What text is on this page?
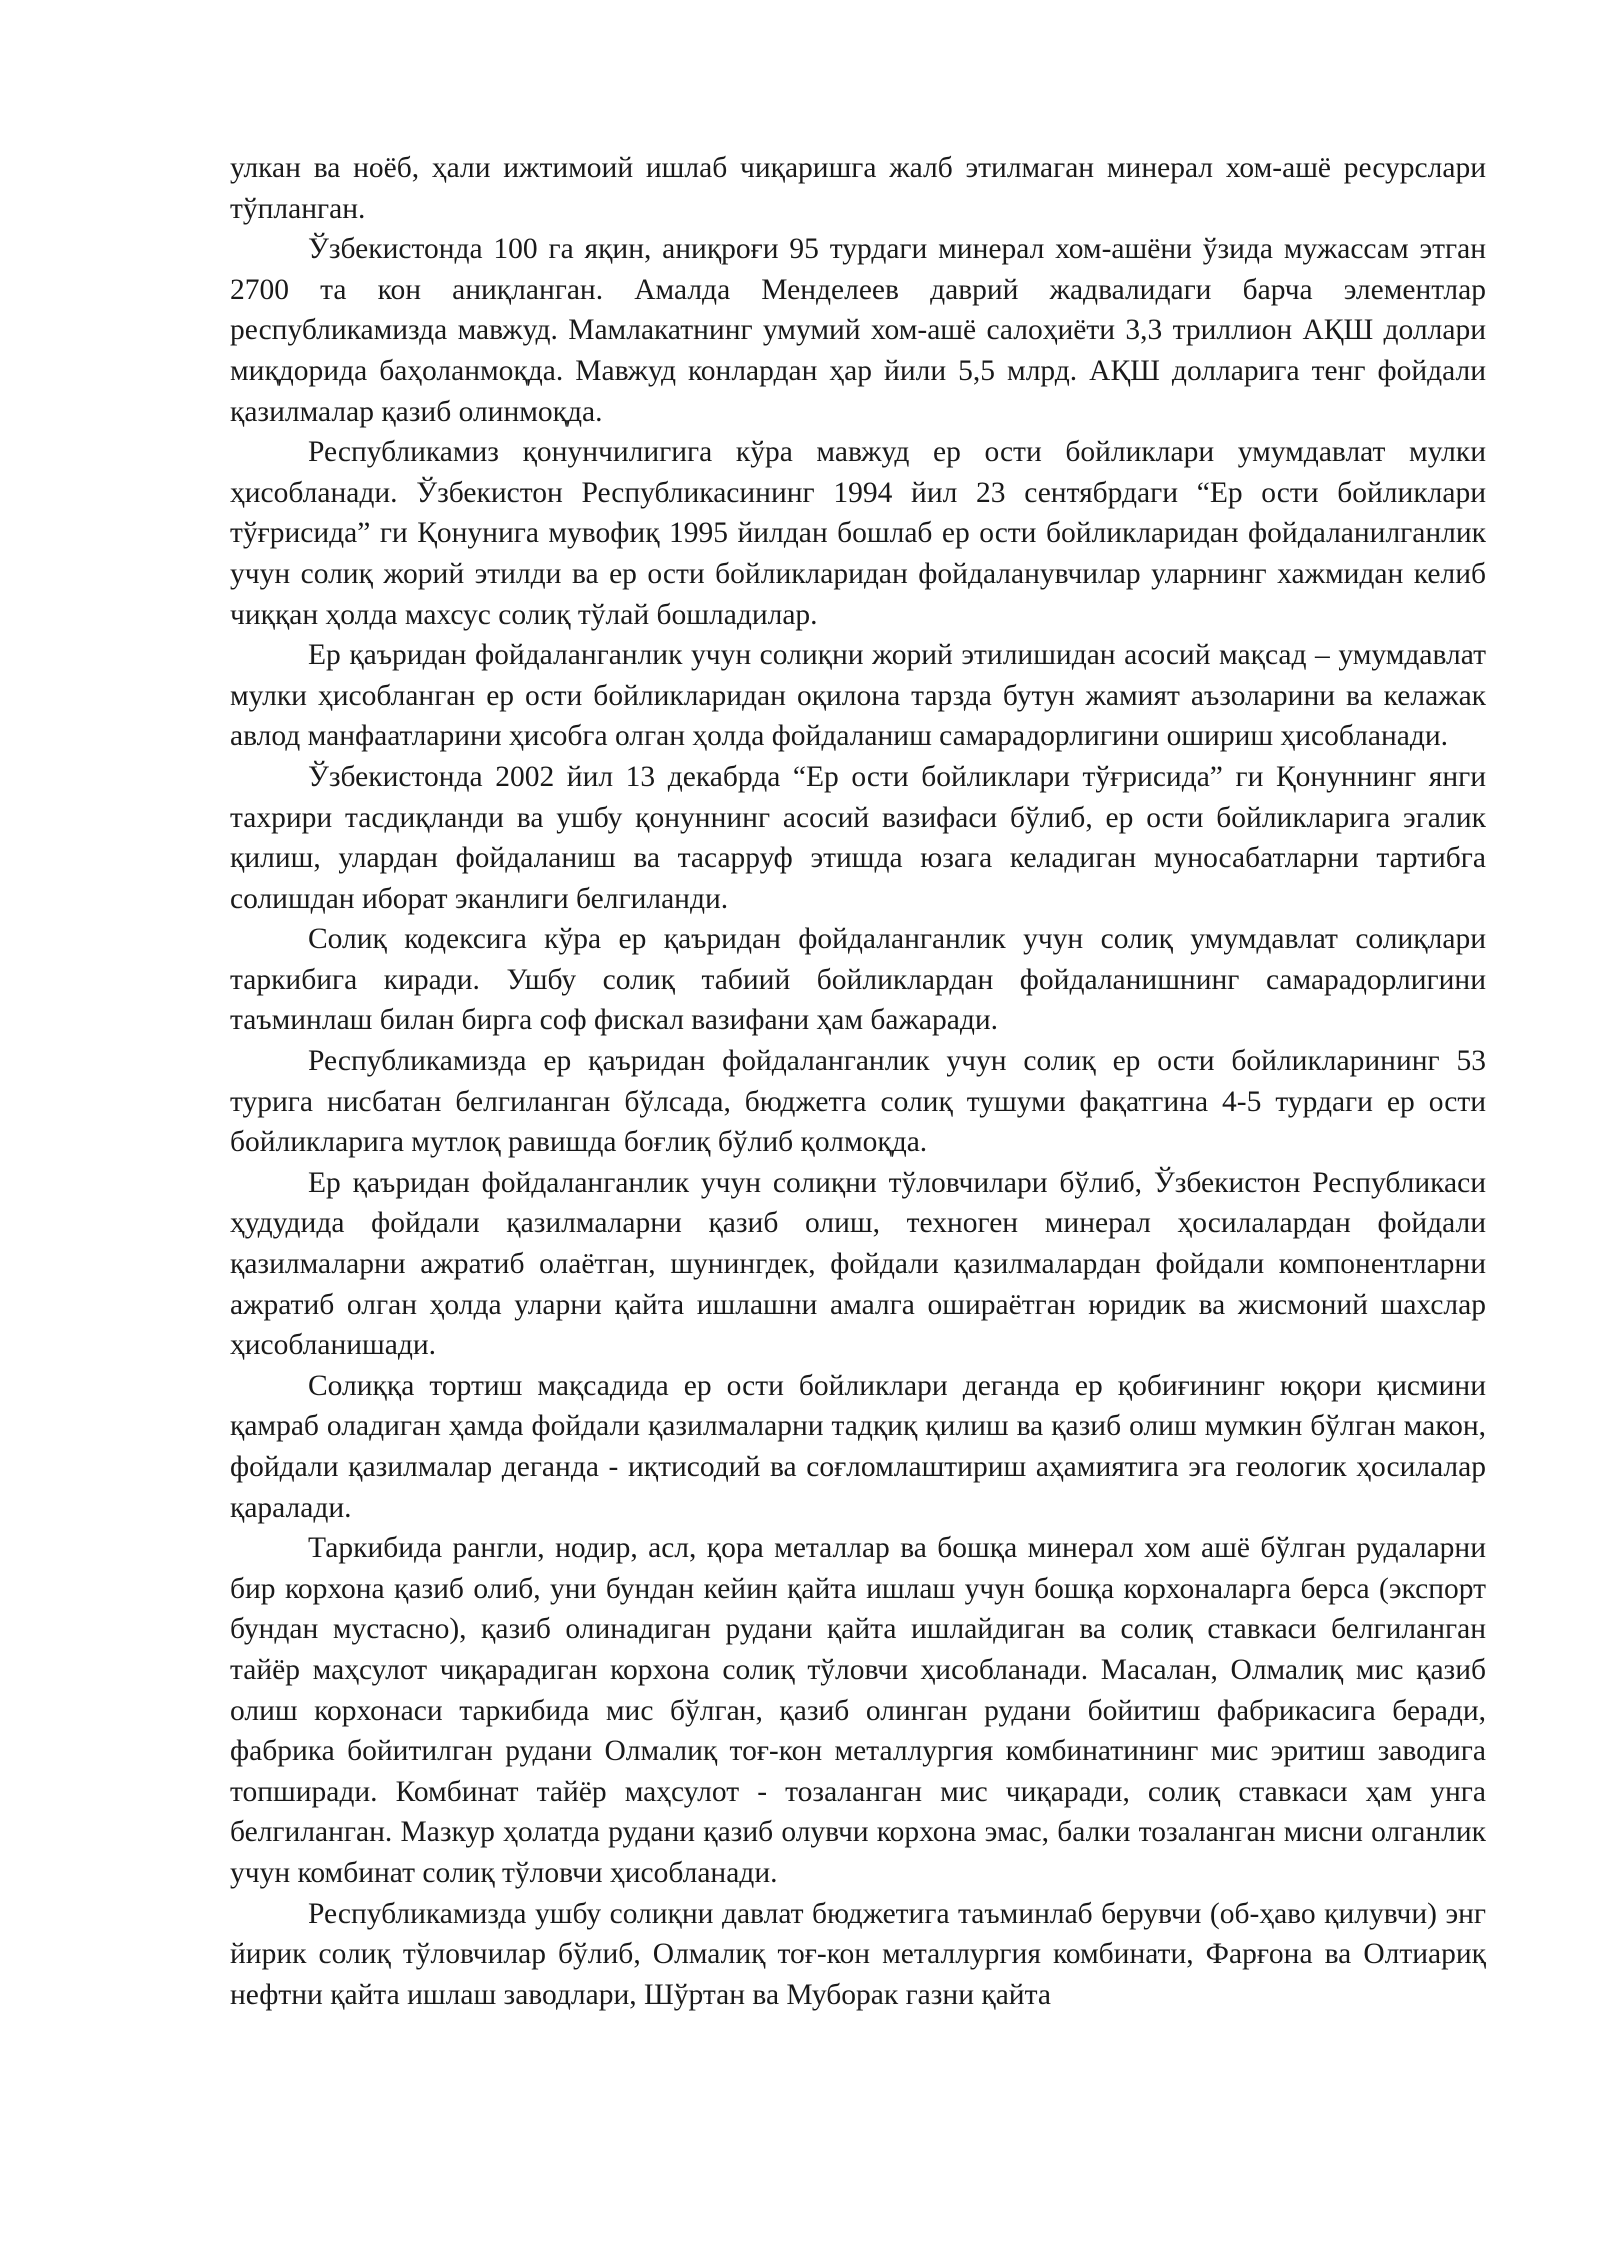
улкан ва ноёб, ҳали ижтимоий ишлаб чиқаришга жалб этилмаган минерал хом-ашё ресурслари тўпланган.

Ўзбекистонда 100 га яқин, аниқроғи 95 турдаги минерал хом-ашёни ўзида мужассам этган 2700 та кон аниқланган. Амалда Менделеев даврий жадвалидаги барча элементлар республикамизда мавжуд. Мамлакатнинг умумий хом-ашё салоҳиёти 3,3 триллион АҚШ доллари миқдорида баҳоланмоқда. Мавжуд конлардан ҳар йили 5,5 млрд. АҚШ долларига тенг фойдали қазилмалар қазиб олинмоқда.

Республикамиз қонунчилигига кўра мавжуд ер ости бойликлари умумдавлат мулки ҳисобланади. Ўзбекистон Республикасининг 1994 йил 23 сентябрдаги “Ер ости бойликлари тўғрисида” ги Қонунига мувофиқ 1995 йилдан бошлаб ер ости бойликларидан фойдаланилганлик учун солиқ жорий этилди ва ер ости бойликларидан фойдаланувчилар уларнинг хажмидан келиб чиққан ҳолда махсус солиқ тўлай бошладилар.

Ер қаъридан фойдаланганлик учун солиқни жорий этилишидан асосий мақсад – умумдавлат мулки ҳисобланган ер ости бойликларидан оқилона тарзда бутун жамият аъзоларини ва келажак авлод манфаатларини ҳисобга олган ҳолда фойдаланиш самарадорлигини ошириш ҳисобланади.

Ўзбекистонда 2002 йил 13 декабрда “Ер ости бойликлари тўғрисида” ги Қонуннинг янги тахрири тасдиқланди ва ушбу қонуннинг асосий вазифаси бўлиб, ер ости бойликларига эгалик қилиш, улардан фойдаланиш ва тасарруф этишда юзага келадиган муносабатларни тартибга солишдан иборат эканлиги белгиланди.

Солиқ кодексига кўра ер қаъридан фойдаланганлик учун солиқ умумдавлат солиқлари таркибига киради. Ушбу солиқ табиий бойликлардан фойдаланишнинг самарадорлигини таъминлаш билан бирга соф фискал вазифани ҳам бажаради.

Республикамизда ер қаъридан фойдаланганлик учун солиқ ер ости бойликларининг 53 турига нисбатан белгиланган бўлсада, бюджетга солиқ тушуми фақатгина 4-5 турдаги ер ости бойликларига мутлоқ равишда боғлиқ бўлиб қолмоқда.

Ер қаъридан фойдаланганлик учун солиқни тўловчилари бўлиб, Ўзбекистон Республикаси ҳудудида фойдали қазилмаларни қазиб олиш, техноген минерал ҳосилалардан фойдали қазилмаларни ажратиб олаётган, шунингдек, фойдали қазилмалардан фойдали компонентларни ажратиб олган ҳолда уларни қайта ишлашни амалга ошираётган юридик ва жисмоний шахслар ҳисобланишади.

Солиққа тортиш мақсадида ер ости бойликлари деганда ер қобиғининг юқори қисмини қамраб оладиган ҳамда фойдали қазилмаларни тадқиқ қилиш ва қазиб олиш мумкин бўлган макон, фойдали қазилмалар деганда - иқтисодий ва соғломлаштириш аҳамиятига эга геологик ҳосилалар қаралади.

Таркибида рангли, нодир, асл, қора металлар ва бошқа минерал хом ашё бўлган рудаларни бир корхона қазиб олиб, уни бундан кейин қайта ишлаш учун бошқа корхоналарга берса (экспорт бундан мустасно), қазиб олинадиган рудани қайта ишлайдиган ва солиқ ставкаси белгиланган тайёр маҳсулот чиқарадиган корхона солиқ тўловчи ҳисобланади. Масалан, Олмалиқ мис қазиб олиш корхонаси таркибида мис бўлган, қазиб олинган рудани бойитиш фабрикасига беради, фабрика бойитилган рудани Олмалиқ тоғ-кон металлургия комбинатининг мис эритиш заводига топширади. Комбинат тайёр маҳсулот - тозаланган мис чиқаради, солиқ ставкаси ҳам унга белгиланган. Мазкур ҳолатда рудани қазиб олувчи корхона эмас, балки тозаланган мисни олганлик учун комбинат солиқ тўловчи ҳисобланади.

Республикамизда ушбу солиқни давлат бюджетига таъминлаб берувчи (об-ҳаво қилувчи) энг йирик солиқ тўловчилар бўлиб, Олмалиқ тоғ-кон металлургия комбинати, Фарғона ва Олтиариқ нефтни қайта ишлаш заводлари, Шўртан ва Муборак газни қайта
